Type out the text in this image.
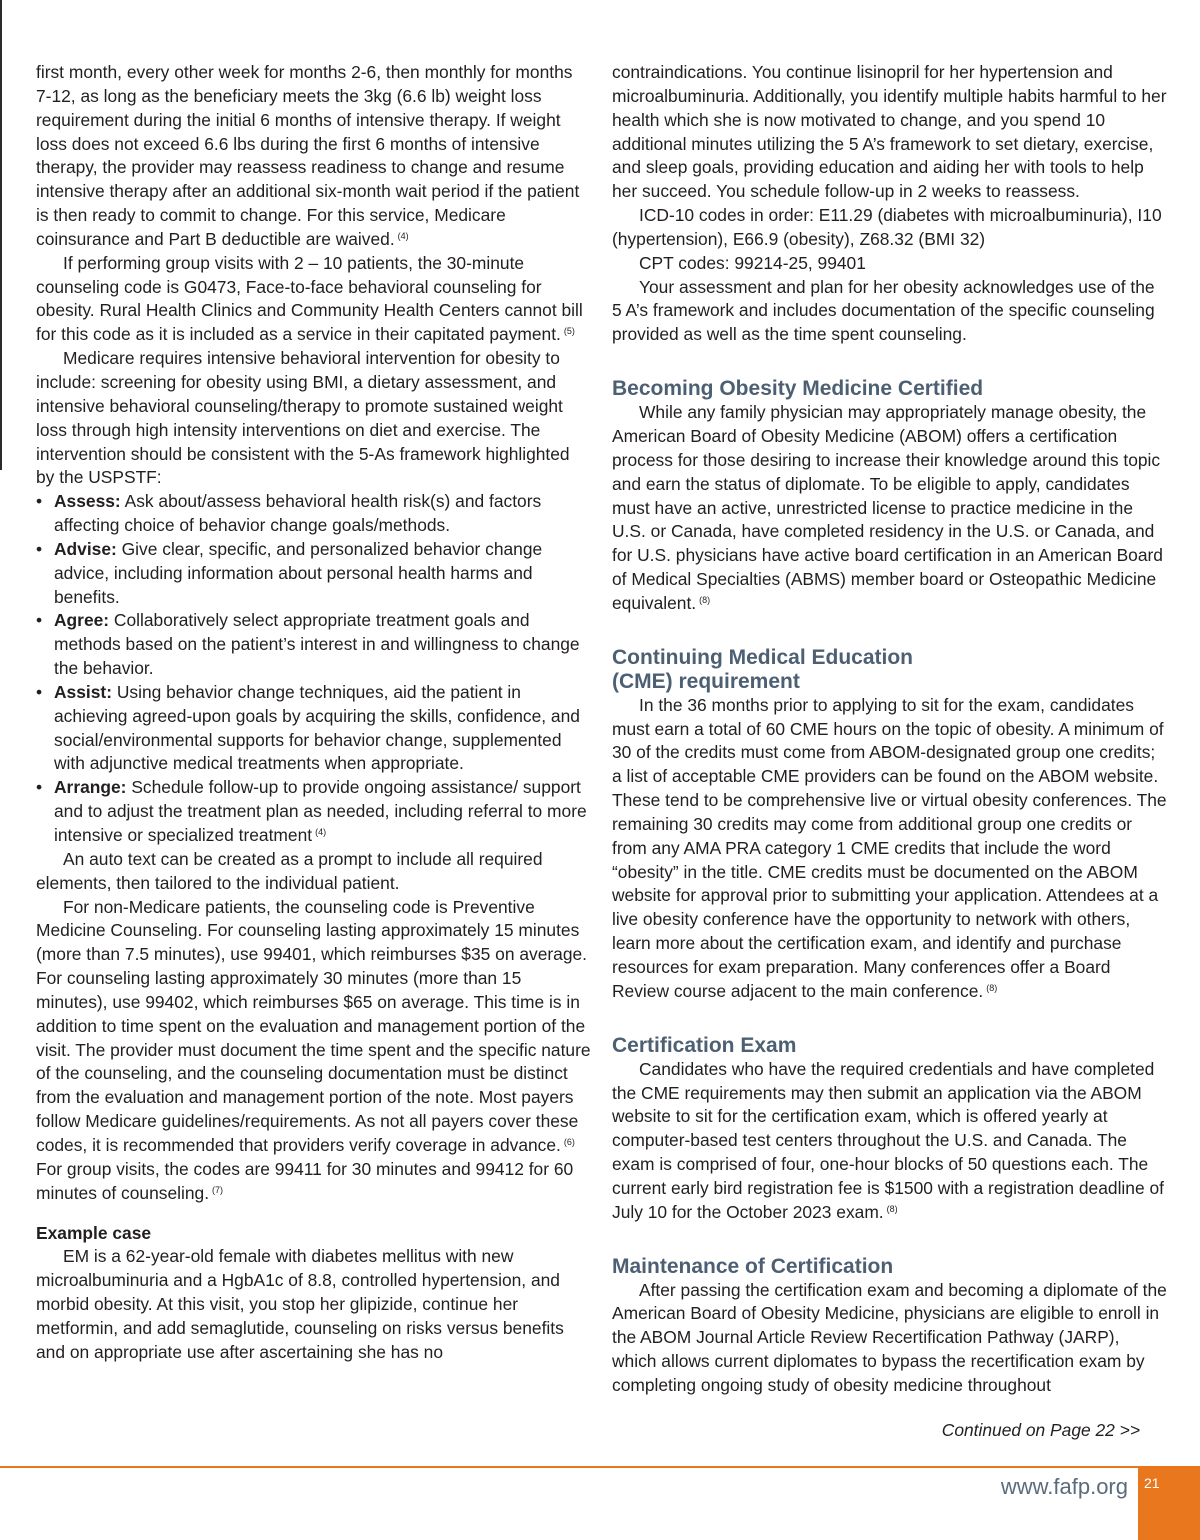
first month, every other week for months 2-6, then monthly for months 7-12, as long as the beneficiary meets the 3kg (6.6 lb) weight loss requirement during the initial 6 months of intensive therapy. If weight loss does not exceed 6.6 lbs during the first 6 months of intensive therapy, the provider may reassess readiness to change and resume intensive therapy after an additional six-month wait period if the patient is then ready to commit to change. For this service, Medicare coinsurance and Part B deductible are waived. $^{(4)}$

If performing group visits with 2 – 10 patients, the 30-minute counseling code is G0473, Face-to-face behavioral counseling for obesity. Rural Health Clinics and Community Health Centers cannot bill for this code as it is included as a service in their capitated payment. $^{(5)}$

Medicare requires intensive behavioral intervention for obesity to include: screening for obesity using BMI, a dietary assessment, and intensive behavioral counseling/therapy to promote sustained weight loss through high intensity interventions on diet and exercise. The intervention should be consistent with the 5-As framework highlighted by the USPSTF:

• Assess: Ask about/assess behavioral health risk(s) and factors affecting choice of behavior change goals/methods.
• Advise: Give clear, specific, and personalized behavior change advice, including information about personal health harms and benefits.
• Agree: Collaboratively select appropriate treatment goals and methods based on the patient’s interest in and willingness to change the behavior.
• Assist: Using behavior change techniques, aid the patient in achieving agreed-upon goals by acquiring the skills, confidence, and social/environmental supports for behavior change, supplemented with adjunctive medical treatments when appropriate.
• Arrange: Schedule follow-up to provide ongoing assistance/ support and to adjust the treatment plan as needed, including referral to more intensive or specialized treatment $^{(4)}$

An auto text can be created as a prompt to include all required elements, then tailored to the individual patient.

For non-Medicare patients, the counseling code is Preventive Medicine Counseling. For counseling lasting approximately 15 minutes (more than 7.5 minutes), use 99401, which reimburses $35 on average. For counseling lasting approximately 30 minutes (more than 15 minutes), use 99402, which reimburses $65 on average. This time is in addition to time spent on the evaluation and management portion of the visit. The provider must document the time spent and the specific nature of the counseling, and the counseling documentation must be distinct from the evaluation and management portion of the note. Most payers follow Medicare guidelines/requirements. As not all payers cover these codes, it is recommended that providers verify coverage in advance. $^{(6)}$ For group visits, the codes are 99411 for 30 minutes and 99412 for 60 minutes of counseling. $^{(7)}$

Example case

EM is a 62-year-old female with diabetes mellitus with new microalbuminuria and a HgbA1c of 8.8, controlled hypertension, and morbid obesity. At this visit, you stop her glipizide, continue her metformin, and add semaglutide, counseling on risks versus benefits and on appropriate use after ascertaining she has no

contraindications. You continue lisinopril for her hypertension and microalbuminuria. Additionally, you identify multiple habits harmful to her health which she is now motivated to change, and you spend 10 additional minutes utilizing the 5 A’s framework to set dietary, exercise, and sleep goals, providing education and aiding her with tools to help her succeed. You schedule follow-up in 2 weeks to reassess.

ICD-10 codes in order: E11.29 (diabetes with microalbuminuria), I10 (hypertension), E66.9 (obesity), Z68.32 (BMI 32)

CPT codes: 99214-25, 99401

Your assessment and plan for her obesity acknowledges use of the 5 A’s framework and includes documentation of the specific counseling provided as well as the time spent counseling.

Becoming Obesity Medicine Certified

While any family physician may appropriately manage obesity, the American Board of Obesity Medicine (ABOM) offers a certification process for those desiring to increase their knowledge around this topic and earn the status of diplomate. To be eligible to apply, candidates must have an active, unrestricted license to practice medicine in the U.S. or Canada, have completed residency in the U.S. or Canada, and for U.S. physicians have active board certification in an American Board of Medical Specialties (ABMS) member board or Osteopathic Medicine equivalent. $^{(8)}$

Continuing Medical Education
(CME) requirement

In the 36 months prior to applying to sit for the exam, candidates must earn a total of 60 CME hours on the topic of obesity. A minimum of 30 of the credits must come from ABOM-designated group one credits; a list of acceptable CME providers can be found on the ABOM website. These tend to be comprehensive live or virtual obesity conferences. The remaining 30 credits may come from additional group one credits or from any AMA PRA category 1 CME credits that include the word “obesity” in the title. CME credits must be documented on the ABOM website for approval prior to submitting your application. Attendees at a live obesity conference have the opportunity to network with others, learn more about the certification exam, and identify and purchase resources for exam preparation. Many conferences offer a Board Review course adjacent to the main conference. $^{(8)}$

Certification Exam

Candidates who have the required credentials and have completed the CME requirements may then submit an application via the ABOM website to sit for the certification exam, which is offered yearly at computer-based test centers throughout the U.S. and Canada. The exam is comprised of four, one-hour blocks of 50 questions each. The current early bird registration fee is $1500 with a registration deadline of July 10 for the October 2023 exam. $^{(8)}$

Maintenance of Certification

After passing the certification exam and becoming a diplomate of the American Board of Obesity Medicine, physicians are eligible to enroll in the ABOM Journal Article Review Recertification Pathway (JARP), which allows current diplomates to bypass the recertification exam by completing ongoing study of obesity medicine throughout

Continued on Page 22 >>
www.fafp.org 21
